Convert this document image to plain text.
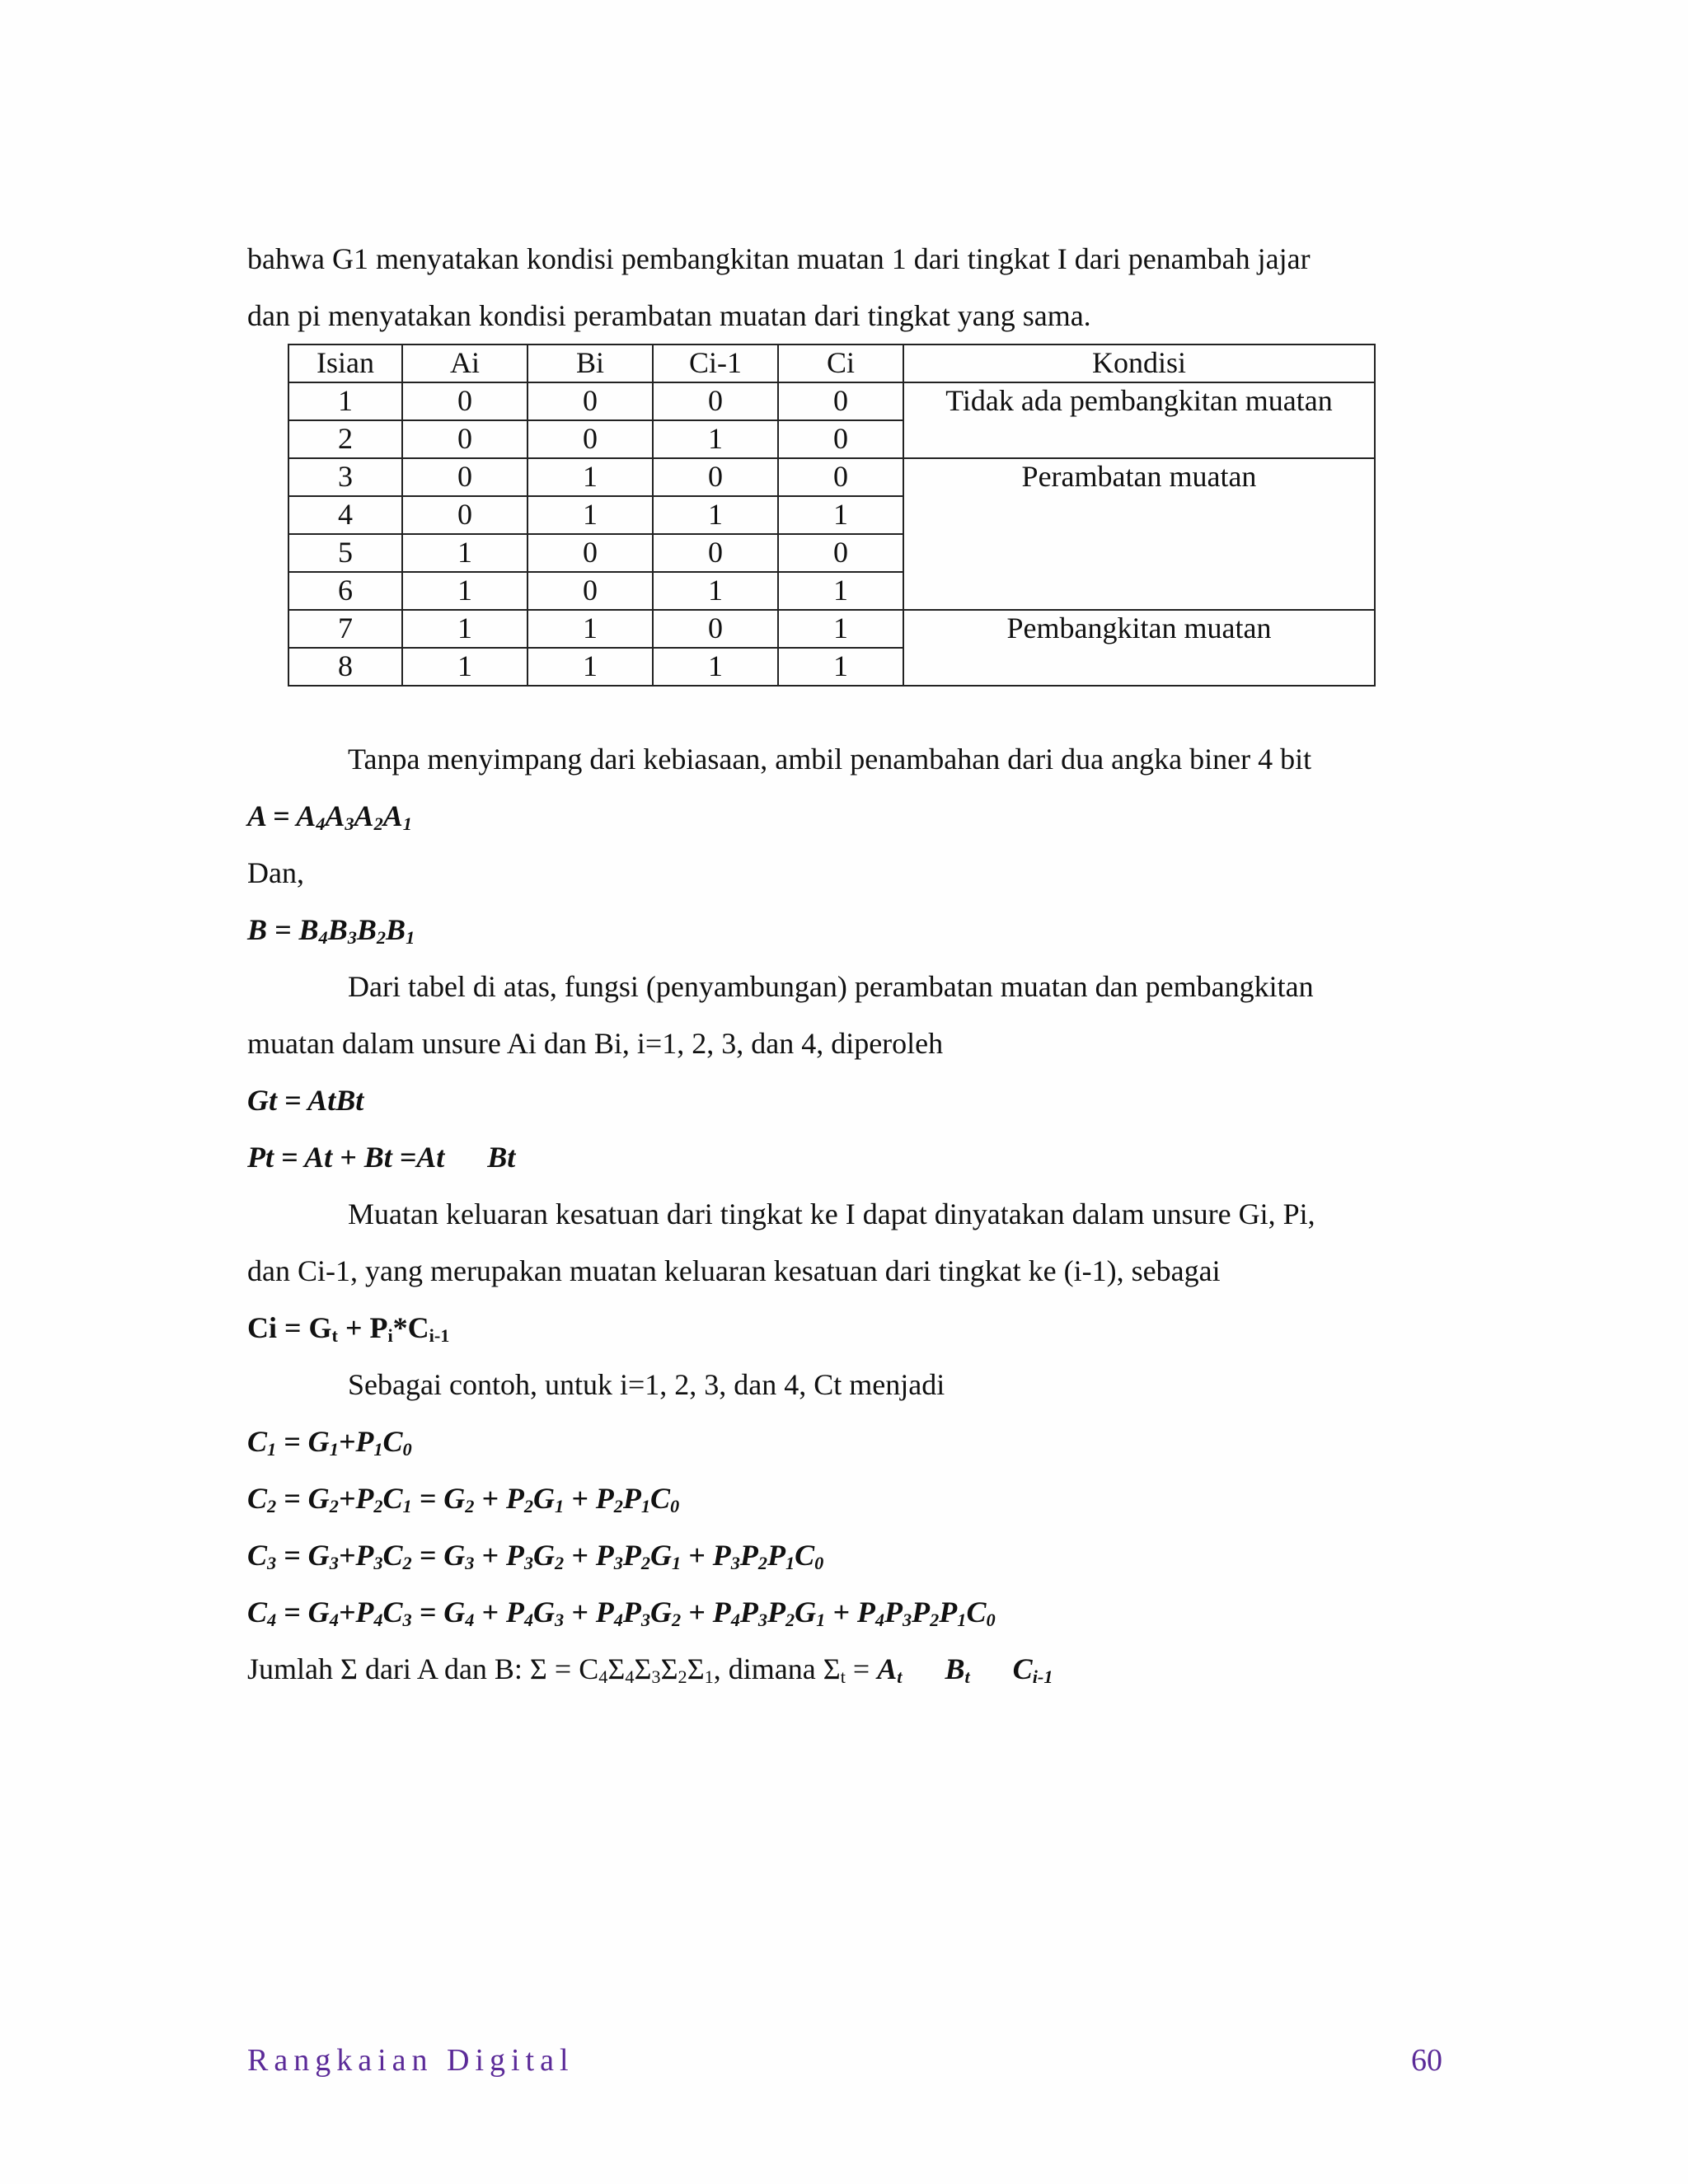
bahwa G1 menyatakan kondisi pembangkitan muatan 1 dari tingkat I dari penambah jajar
dan pi menyatakan kondisi perambatan muatan dari tingkat yang sama.
Isian	Ai	Bi	Ci-1	Ci	Kondisi
1	0	0	0	0	Tidak ada pembangkitan muatan
2	0	0	1	0	
3	0	1	0	0	Perambatan muatan
4	0	1	1	1	
5	1	0	0	0	
6	1	0	1	1	
7	1	1	0	1	Pembangkitan muatan
8	1	1	1	1	
Tanpa menyimpang dari kebiasaan, ambil penambahan dari dua angka biner 4 bit
$A = A_4A_3A_2A_1$
Dan,
$B = B_4B_3B_2B_1$
Dari tabel di atas, fungsi (penyambungan) perambatan muatan dan pembangkitan
muatan dalam unsure Ai dan Bi, i=1, 2, 3, dan 4, diperoleh
Gt = AtBt
Pt = At + Bt =At Bt
Muatan keluaran kesatuan dari tingkat ke I dapat dinyatakan dalam unsure Gi, Pi,
dan Ci-1, yang merupakan muatan keluaran kesatuan dari tingkat ke (i-1), sebagai
$Ci = G_t + P_i*C_{i-1}$
Sebagai contoh, untuk i=1, 2, 3, dan 4, Ct menjadi
$C_1 = G_1+P_1C_0$
$C_2 = G_2+P_2C_1 = G_2 + P_2G_1 + P_2P_1C_0$
$C_3 = G_3+P_3C_2 = G_3 + P_3G_2 + P_3P_2G_1 + P_3P_2P_1C_0$
$C_4 = G_4+P_4C_3 = G_4 + P_4G_3 + P_4P_3G_2 + P_4P_3P_2G_1 + P_4P_3P_2P_1C_0$
Jumlah Σ dari A dan B: $\Sigma = C_4\Sigma_4\Sigma_3\Sigma_2\Sigma_1$, dimana $\Sigma_t = A_t$ $B_t$ $C_{i-1}$
Rangkaian Digital	60
